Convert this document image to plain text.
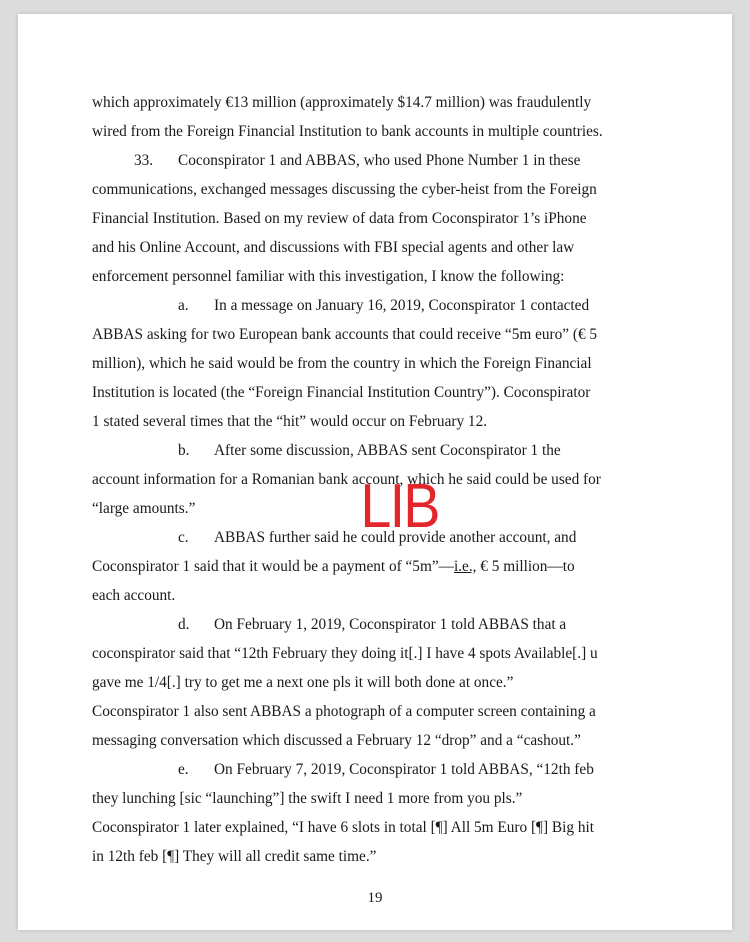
which approximately €13 million (approximately $14.7 million) was fraudulently
wired from the Foreign Financial Institution to bank accounts in multiple countries.
33.	Coconspirator 1 and ABBAS, who used Phone Number 1 in these
communications, exchanged messages discussing the cyber-heist from the Foreign
Financial Institution. Based on my review of data from Coconspirator 1’s iPhone
and his Online Account, and discussions with FBI special agents and other law
enforcement personnel familiar with this investigation, I know the following:
a.	In a message on January 16, 2019, Coconspirator 1 contacted
ABBAS asking for two European bank accounts that could receive “5m euro” (€ 5
million), which he said would be from the country in which the Foreign Financial
Institution is located (the “Foreign Financial Institution Country”). Coconspirator
1 stated several times that the “hit” would occur on February 12.
b.	After some discussion, ABBAS sent Coconspirator 1 the
account information for a Romanian bank account, which he said could be used for
“large amounts.”
c.	ABBAS further said he could provide another account, and
Coconspirator 1 said that it would be a payment of “5m”—i.e., € 5 million—to
each account.
d.	On February 1, 2019, Coconspirator 1 told ABBAS that a
coconspirator said that “12th February they doing it[.] I have 4 spots Available[.] u
gave me 1/4[.] try to get me a next one pls it will both done at once.”
Coconspirator 1 also sent ABBAS a photograph of a computer screen containing a
messaging conversation which discussed a February 12 “drop” and a “cashout.”
e.	On February 7, 2019, Coconspirator 1 told ABBAS, “12th feb
they lunching [sic “launching”] the swift I need 1 more from you pls.”
Coconspirator 1 later explained, “I have 6 slots in total [¶] All 5m Euro [¶] Big hit
in 12th feb [¶] They will all credit same time.”
LIB
19
